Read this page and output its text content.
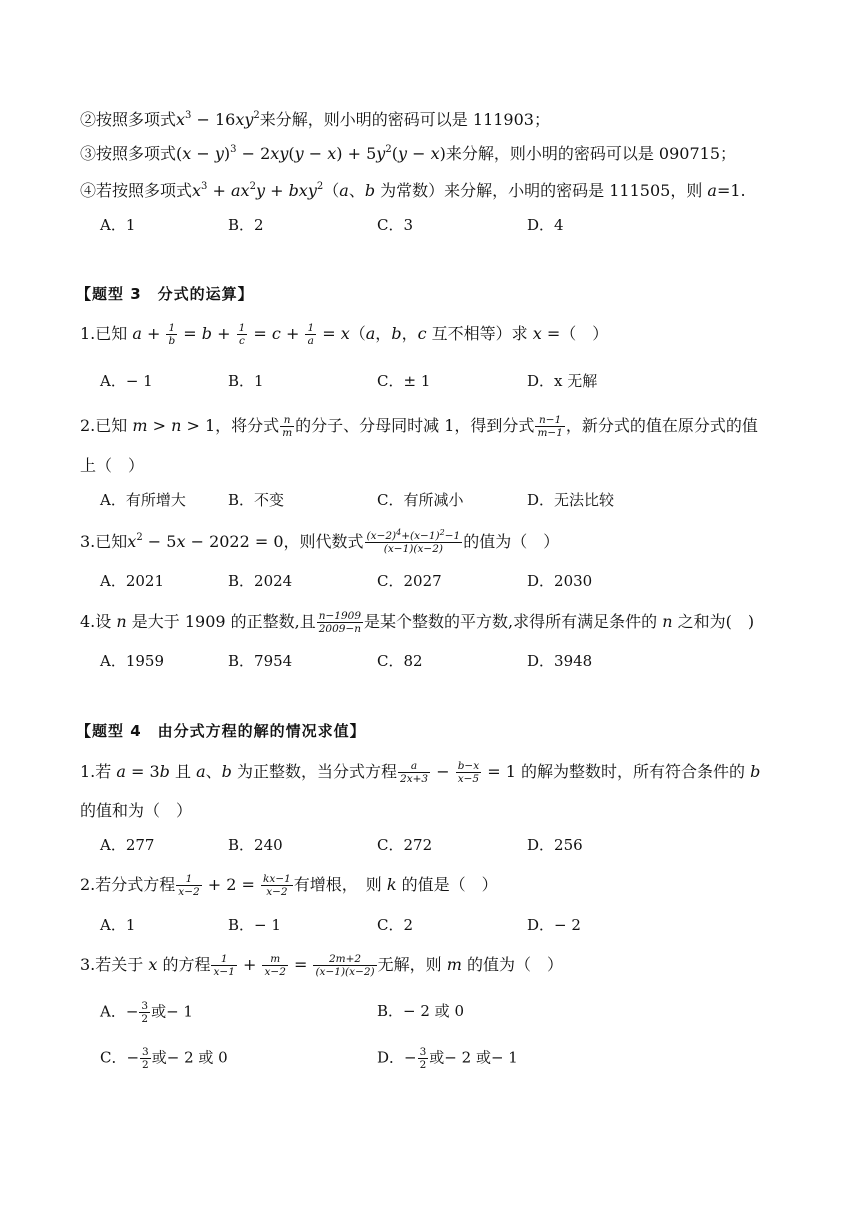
②按照多项式$x^3 - 16xy^2$来分解，则小明的密码可以是 111903；
③按照多项式$(x - y)^3 - 2xy(y - x) + 5y^2(y - x)$来分解，则小明的密码可以是 090715；
④若按照多项式$x^3 + ax^2y + bxy^2(a$、b 为常数）来分解，小明的密码是 111505，则 a=1.
A．1	B．2	C．3	D．4
【题型 3　分式的运算】
1.已知 $a + \frac{1}{b} = b + \frac{1}{c} = c + \frac{1}{a} = x(a$，b，c 互不相等）求 x =（　）
A．− 1	B．1	C．± 1	D．x 无解
2.已知 m > n > 1，将分式 $\frac{n}{m}$ 的分子、分母同时减 1，得到分式 $\frac{n-1}{m-1}$ ，新分式的值在原分式的值
上（　）
A．有所增大	B．不变	C．有所减小	D．无法比较
3.已知$x^2 - 5x - 2022 = 0$，则代数式 $\frac{(x-2)^4+(x-1)^2-1}{(x-1)(x-2)}$ 的值为（　）
A．2021	B．2024	C．2027	D．2030
4.设 n 是大于 1909 的正整数,且 $\frac{n-1909}{2009-n}$ 是某个整数的平方数,求得所有满足条件的 n 之和为(　)
A．1959	B．7954	C．82	D．3948
【题型 4　由分式方程的解的情况求值】
1.若 a = 3b 且 a、b 为正整数，当分式方程 $\frac{a}{2x+3} - \frac{b-x}{x-5} = 1$ 的解为整数时，所有符合条件的 b
的值和为（　）
A．277	B．240	C．272	D．256
2.若分式方程 $\frac{1}{x-2} + 2 = \frac{kx-1}{x-2}$ 有增根，　则 k 的值是（　）
A．1	B．− 1	C．2	D．− 2
3.若关于 x 的方程 $\frac{1}{x-1} + \frac{m}{x-2} = \frac{2m+2}{(x-1)(x-2)}$ 无解，则 m 的值为（　）
A．− $\frac{3}{2}$ 或− 1	B．− 2 或 0
C．− $\frac{3}{2}$ 或− 2 或 0	D．− $\frac{3}{2}$ 或− 2 或− 1
